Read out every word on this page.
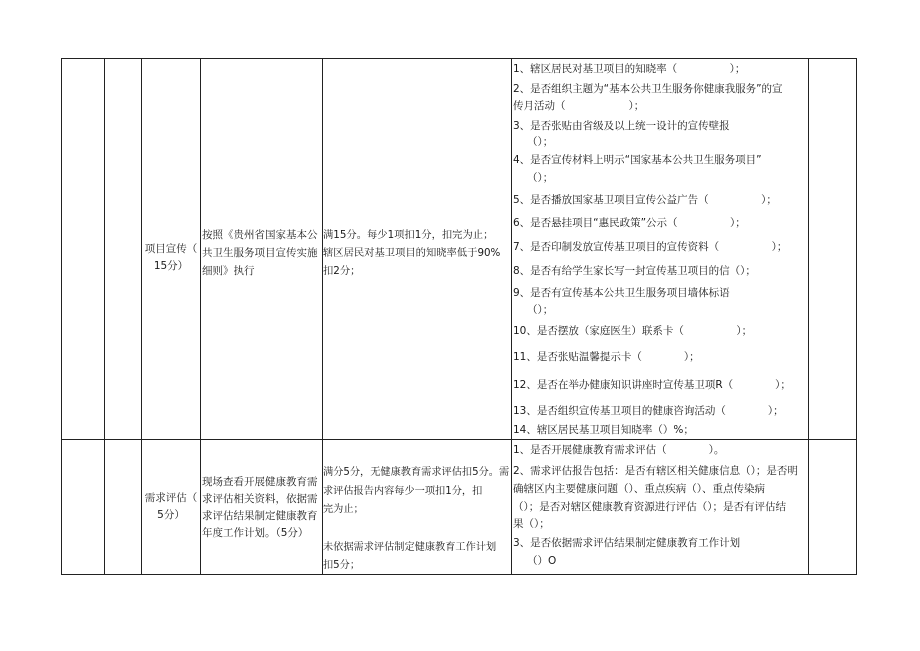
项目宣传（
15分）
按照《贵州省国家基本公
共卫生服务项目宣传实施
细则》执行
满15分。每少1项扣1分，扣完为止；
辖区居民对基卫项目的知晓率低于90%
扣2分；
1、辖区居民对基卫项目的知晓率（　　　　　）；
2、是否组织主题为“基本公共卫生服务你健康我服务”的宣
传月活动（　　　　　　）；
3、是否张贴由省级及以上统一设计的宣传壁报
（）；
4、是否宣传材料上明示“国家基本公共卫生服务项目”
（）；
5、是否播放国家基卫项目宣传公益广告（　　　　　）；
6、是否悬挂项目“惠民政策”公示（　　　　　）；
7、是否印制发放宣传基卫项目的宣传资料（　　　　　）；
8、是否有给学生家长写一封宣传基卫项目的信（）；
9、是否有宣传基本公共卫生服务项目墙体标语
（）；
10、是否摆放（家庭医生）联系卡（　　　　　）；
11、是否张贴温馨提示卡（　　　　）；
12、是否在举办健康知识讲座时宣传基卫项R（　　　　）；
13、是否组织宣传基卫项目的健康咨询活动（　　　　）；
14、辖区居民基卫项目知晓率（）%；
需求评估（
5分）
现场查看开展健康教育需
求评估相关资料，依据需
求评估结果制定健康教育
年度工作计划。（5分）
满分5分，无健康教育需求评估扣5分。需
求评估报告内容每少一项扣1分，扣
完为止；
未依据需求评估制定健康教育工作计划
扣5分；
1、是否开展健康教育需求评估（　　　　）。
2、需求评估报告包括：是否有辖区相关健康信息（）；是否明
确辖区内主要健康问题（）、重点疾病（）、重点传染病
（）；是否对辖区健康教育资源进行评估（）；是否有评估结
果（）；
3、是否依据需求评估结果制定健康教育工作计划
（）O
